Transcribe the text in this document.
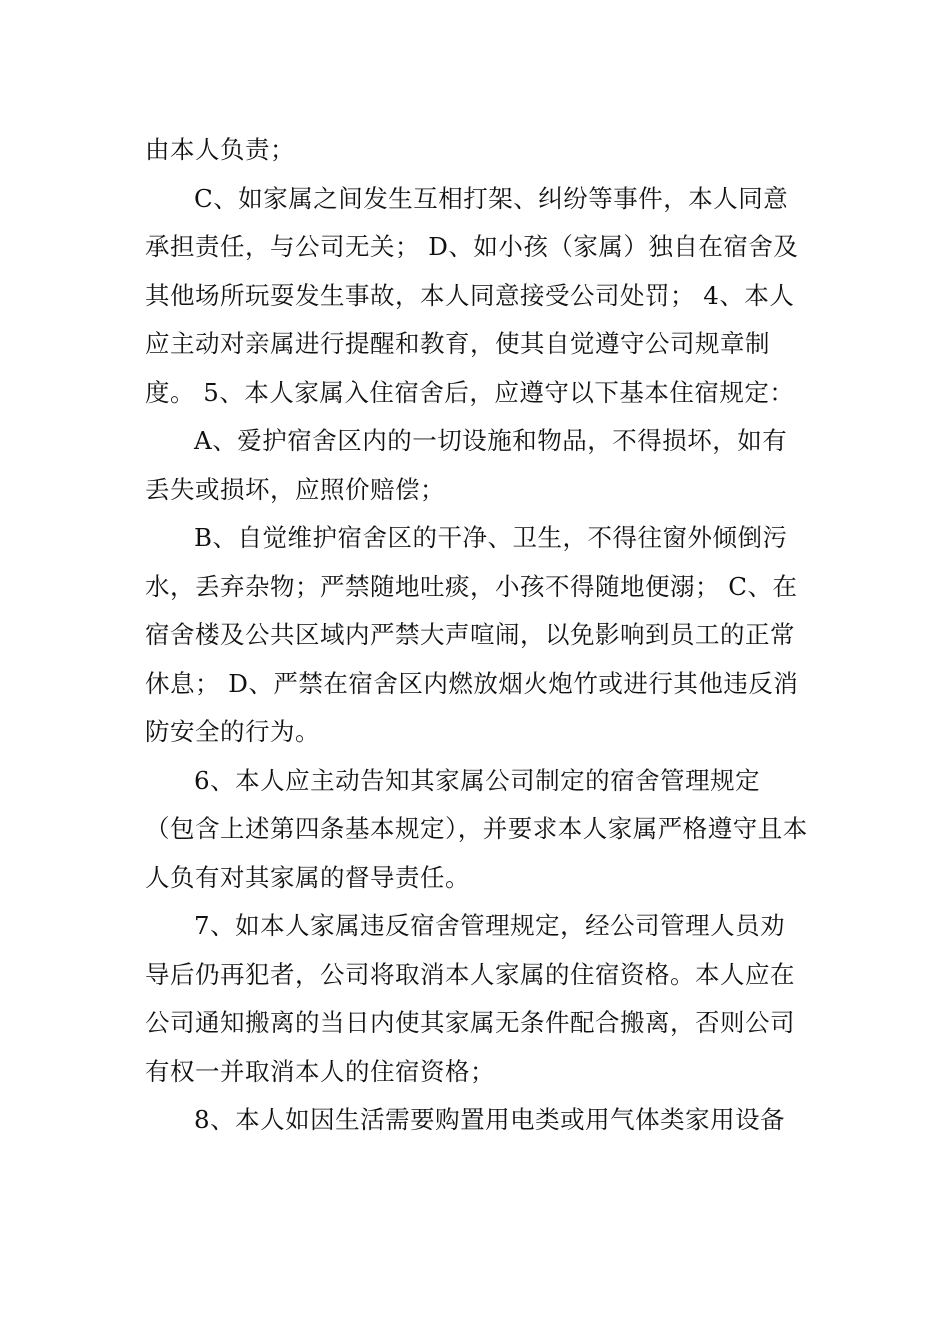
由本人负责；

C、如家属之间发生互相打架、纠纷等事件，本人同意承担责任，与公司无关； D、如小孩（家属）独自在宿舍及其他场所玩耍发生事故，本人同意接受公司处罚； 4、本人应主动对亲属进行提醒和教育，使其自觉遵守公司规章制度。 5、本人家属入住宿舍后，应遵守以下基本住宿规定：

A、爱护宿舍区内的一切设施和物品，不得损坏，如有丢失或损坏，应照价赔偿；

B、自觉维护宿舍区的干净、卫生，不得往窗外倾倒污水，丢弃杂物；严禁随地吐痰，小孩不得随地便溺； C、在宿舍楼及公共区域内严禁大声喧闹，以免影响到员工的正常休息； D、严禁在宿舍区内燃放烟火炮竹或进行其他违反消防安全的行为。

6、本人应主动告知其家属公司制定的宿舍管理规定（包含上述第四条基本规定），并要求本人家属严格遵守且本人负有对其家属的督导责任。

7、如本人家属违反宿舍管理规定，经公司管理人员劝导后仍再犯者，公司将取消本人家属的住宿资格。本人应在公司通知搬离的当日内使其家属无条件配合搬离，否则公司有权一并取消本人的住宿资格；

8、本人如因生活需要购置用电类或用气体类家用设备
